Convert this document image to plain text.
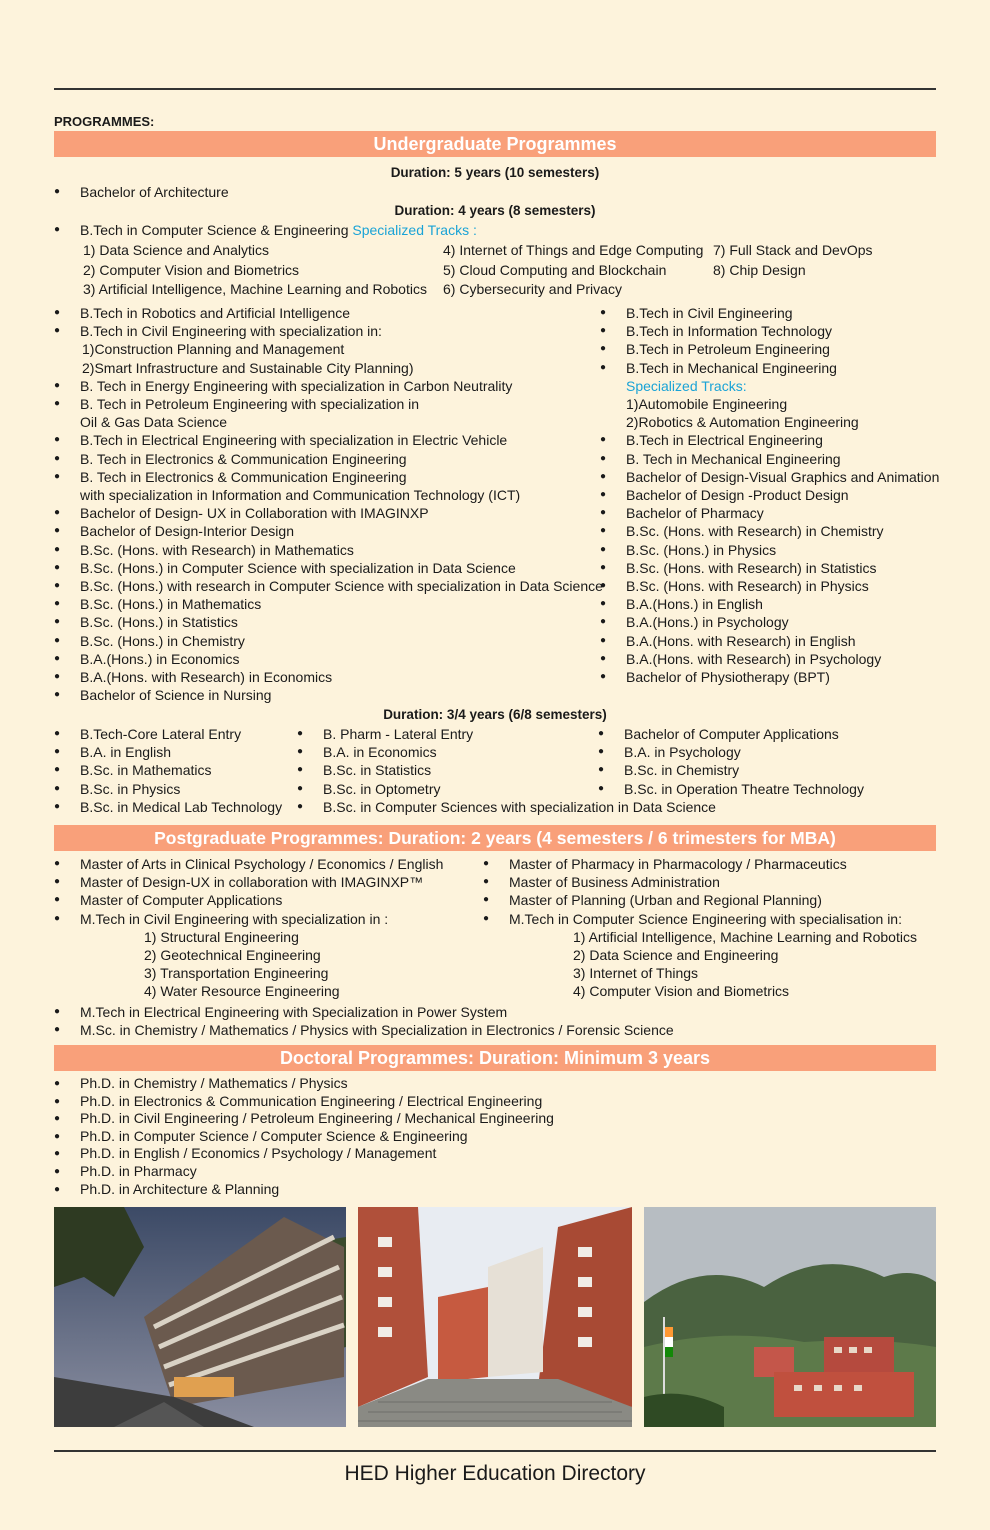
PROGRAMMES:
Undergraduate Programmes
Duration: 5 years (10 semesters)
● Bachelor of Architecture
Duration: 4 years (8 semesters)
● B.Tech in Computer Science & Engineering Specialized Tracks :
1) Data Science and Analytics
2) Computer Vision and Biometrics
3) Artificial Intelligence, Machine Learning and Robotics
4) Internet of Things and Edge Computing
5) Cloud Computing and Blockchain
6) Cybersecurity and Privacy
7) Full Stack and DevOps
8) Chip Design
● B.Tech in Robotics and Artificial Intelligence
● B.Tech in Civil Engineering with specialization in:
1)Construction Planning and Management
2)Smart Infrastructure and Sustainable City Planning)
● B. Tech in Energy Engineering with specialization in Carbon Neutrality
● B. Tech in Petroleum Engineering with specialization in
Oil & Gas Data Science
● B.Tech in Electrical Engineering with specialization in Electric Vehicle
● B. Tech in Electronics & Communication Engineering
● B. Tech in Electronics & Communication Engineering
with specialization in Information and Communication Technology (ICT)
● Bachelor of Design- UX in Collaboration with IMAGINXP
● Bachelor of Design-Interior Design
● B.Sc. (Hons. with Research) in Mathematics
● B.Sc. (Hons.) in Computer Science with specialization in Data Science
● B.Sc. (Hons.) with research in Computer Science with specialization in Data Science
● B.Sc. (Hons.) in Mathematics
● B.Sc. (Hons.) in Statistics
● B.Sc. (Hons.) in Chemistry
● B.A.(Hons.) in Economics
● B.A.(Hons. with Research) in Economics
● Bachelor of Science in Nursing
● B.Tech in Civil Engineering
● B.Tech in Information Technology
● B.Tech in Petroleum Engineering
● B.Tech in Mechanical Engineering
Specialized Tracks:
1)Automobile Engineering
2)Robotics & Automation Engineering
● B.Tech in Electrical Engineering
● B. Tech in Mechanical Engineering
● Bachelor of Design-Visual Graphics and Animation
● Bachelor of Design -Product Design
● Bachelor of Pharmacy
● B.Sc. (Hons. with Research) in Chemistry
● B.Sc. (Hons.) in Physics
● B.Sc. (Hons. with Research) in Statistics
● B.Sc. (Hons. with Research) in Physics
● B.A.(Hons.) in English
● B.A.(Hons.) in Psychology
● B.A.(Hons. with Research) in English
● B.A.(Hons. with Research) in Psychology
● Bachelor of Physiotherapy (BPT)
Duration: 3/4 years (6/8 semesters)
● B.Tech-Core Lateral Entry
● B.A. in English
● B.Sc. in Mathematics
● B.Sc. in Physics
● B.Sc. in Medical Lab Technology
● B. Pharm - Lateral Entry
● B.A. in Economics
● B.Sc. in Statistics
● B.Sc. in Optometry
● B.Sc. in Computer Sciences with specialization in Data Science
● Bachelor of Computer Applications
● B.A. in Psychology
● B.Sc. in Chemistry
● B.Sc. in Operation Theatre Technology
Postgraduate Programmes: Duration: 2 years (4 semesters / 6 trimesters for MBA)
● Master of Arts in Clinical Psychology / Economics / English
● Master of Design-UX in collaboration with IMAGINXP™
● Master of Computer Applications
● M.Tech in Civil Engineering with specialization in :
1) Structural Engineering
2) Geotechnical Engineering
3) Transportation Engineering
4) Water Resource Engineering
● Master of Pharmacy in Pharmacology / Pharmaceutics
● Master of Business Administration
● Master of Planning (Urban and Regional Planning)
● M.Tech in Computer Science Engineering with specialisation in:
1) Artificial Intelligence, Machine Learning and Robotics
2) Data Science and Engineering
3) Internet of Things
4) Computer Vision and Biometrics
● M.Tech in Electrical Engineering with Specialization in Power System
● M.Sc. in Chemistry / Mathematics / Physics with Specialization in Electronics / Forensic Science
Doctoral Programmes: Duration: Minimum 3 years
● Ph.D. in Chemistry / Mathematics / Physics
● Ph.D. in Electronics & Communication Engineering / Electrical Engineering
● Ph.D. in Civil Engineering / Petroleum Engineering / Mechanical Engineering
● Ph.D. in Computer Science / Computer Science & Engineering
● Ph.D. in English / Economics / Psychology / Management
● Ph.D. in Pharmacy
● Ph.D. in Architecture & Planning
HED Higher Education Directory
